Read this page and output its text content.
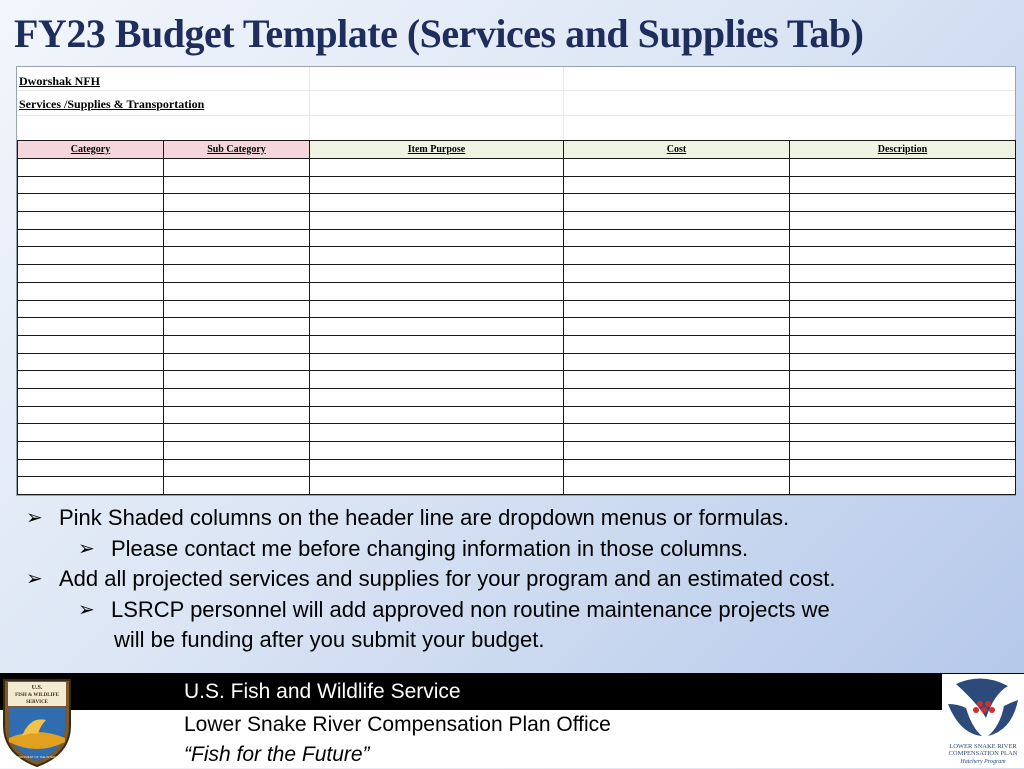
FY23 Budget Template (Services and Supplies Tab)
Dworshak NFH
Services /Supplies & Transportation
Category	Sub Category	Item Purpose	Cost	Description

➢ Pink Shaded columns on the header line are dropdown menus or formulas.
➢ Please contact me before changing information in those columns.
➢ Add all projected services and supplies for your program and an estimated cost.
➢ LSRCP personnel will add approved non routine maintenance projects we
will be funding after you submit your budget.
U.S. Fish and Wildlife Service
Lower Snake River Compensation Plan Office
“Fish for the Future”
U.S.
FISH & WILDLIFE
SERVICE
DEPARTMENT OF THE INTERIOR
LOWER SNAKE RIVER
COMPENSATION PLAN
Hatchery Program
